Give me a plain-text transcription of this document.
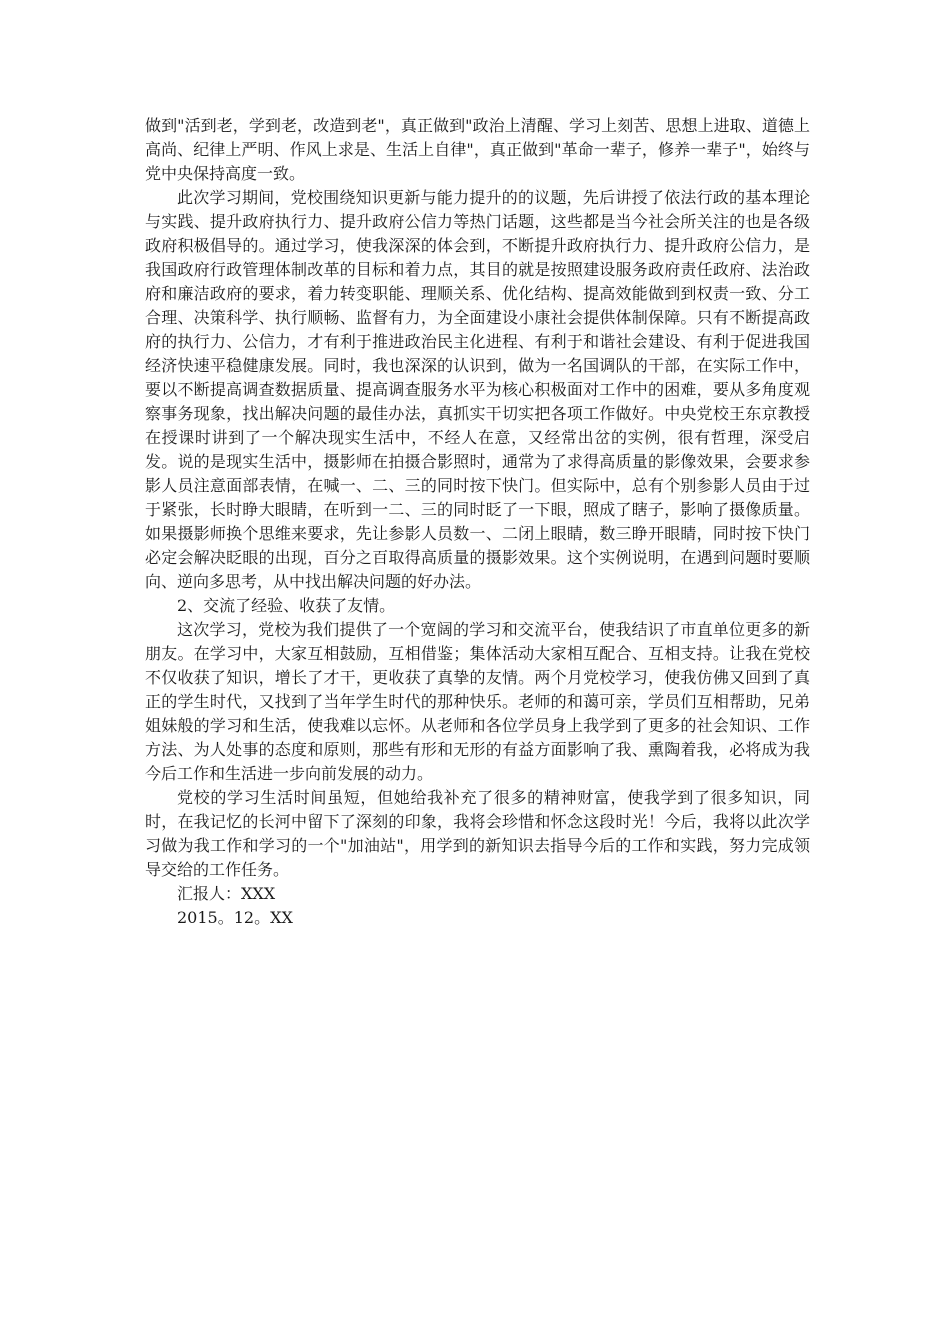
做到"活到老，学到老，改造到老"，真正做到"政治上清醒、学习上刻苦、思想上进取、道德上高尚、纪律上严明、作风上求是、生活上自律"，真正做到"革命一辈子，修养一辈子"，始终与党中央保持高度一致。

此次学习期间，党校围绕知识更新与能力提升的的议题，先后讲授了依法行政的基本理论与实践、提升政府执行力、提升政府公信力等热门话题，这些都是当今社会所关注的也是各级政府积极倡导的。通过学习，使我深深的体会到，不断提升政府执行力、提升政府公信力，是我国政府行政管理体制改革的目标和着力点，其目的就是按照建设服务政府责任政府、法治政府和廉洁政府的要求，着力转变职能、理顺关系、优化结构、提高效能做到到权责一致、分工合理、决策科学、执行顺畅、监督有力，为全面建设小康社会提供体制保障。只有不断提高政府的执行力、公信力，才有利于推进政治民主化进程、有利于和谐社会建设、有利于促进我国经济快速平稳健康发展。同时，我也深深的认识到，做为一名国调队的干部，在实际工作中，要以不断提高调查数据质量、提高调查服务水平为核心积极面对工作中的困难，要从多角度观察事务现象，找出解决问题的最佳办法，真抓实干切实把各项工作做好。中央党校王东京教授在授课时讲到了一个解决现实生活中，不经人在意，又经常出岔的实例，很有哲理，深受启发。说的是现实生活中，摄影师在拍摄合影照时，通常为了求得高质量的影像效果，会要求参影人员注意面部表情，在喊一、二、三的同时按下快门。但实际中，总有个别参影人员由于过于紧张，长时睁大眼睛，在听到一二、三的同时眨了一下眼，照成了瞎子，影响了摄像质量。如果摄影师换个思维来要求，先让参影人员数一、二闭上眼睛，数三睁开眼睛，同时按下快门必定会解决眨眼的出现，百分之百取得高质量的摄影效果。这个实例说明，在遇到问题时要顺向、逆向多思考，从中找出解决问题的好办法。

2、交流了经验、收获了友情。

这次学习，党校为我们提供了一个宽阔的学习和交流平台，使我结识了市直单位更多的新朋友。在学习中，大家互相鼓励，互相借鉴；集体活动大家相互配合、互相支持。让我在党校不仅收获了知识，增长了才干，更收获了真挚的友情。两个月党校学习，使我仿佛又回到了真正的学生时代，又找到了当年学生时代的那种快乐。老师的和蔼可亲，学员们互相帮助，兄弟姐妹般的学习和生活，使我难以忘怀。从老师和各位学员身上我学到了更多的社会知识、工作方法、为人处事的态度和原则，那些有形和无形的有益方面影响了我、熏陶着我，必将成为我今后工作和生活进一步向前发展的动力。

党校的学习生活时间虽短，但她给我补充了很多的精神财富，使我学到了很多知识，同时，在我记忆的长河中留下了深刻的印象，我将会珍惜和怀念这段时光！今后，我将以此次学习做为我工作和学习的一个"加油站"，用学到的新知识去指导今后的工作和实践，努力完成领导交给的工作任务。

汇报人：XXX

2015。12。XX
